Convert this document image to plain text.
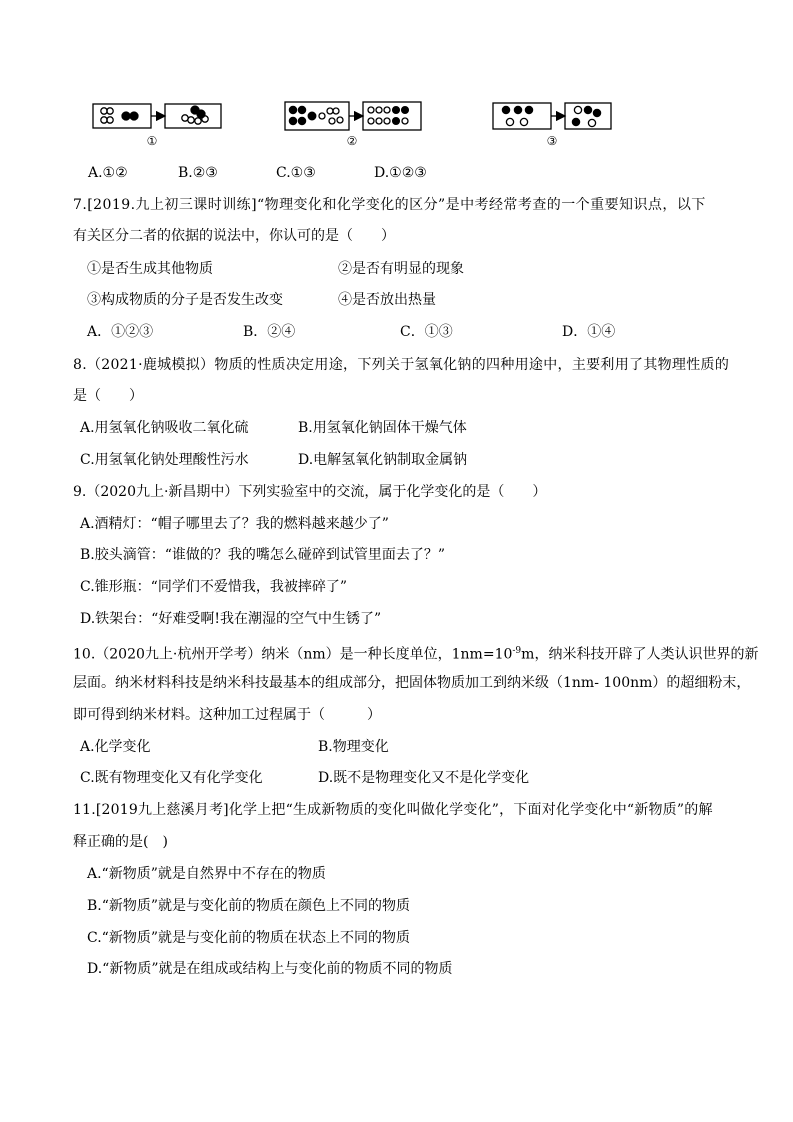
①	②	③
A.①②	B.②③	C.①③	D.①②③
7.[2019.九上初三课时训练]“物理变化和化学变化的区分”是中考经常考查的一个重要知识点，以下
有关区分二者的依据的说法中，你认可的是（　　）
①是否生成其他物质	②是否有明显的现象
③构成物质的分子是否发生改变	④是否放出热量
A．①②③	B．②④	C．①③	D．①④
8.（2021·鹿城模拟）物质的性质决定用途，下列关于氢氧化钠的四种用途中，主要利用了其物理性质的
是（　　）
A.用氢氧化钠吸收二氧化硫	B.用氢氧化钠固体干燥气体
C.用氢氧化钠处理酸性污水	D.电解氢氧化钠制取金属钠
9.（2020九上·新昌期中）下列实验室中的交流，属于化学变化的是（　　）
A.酒精灯：“帽子哪里去了？我的燃料越来越少了”
B.胶头滴管：“谁做的？我的嘴怎么碰碎到试管里面去了？”
C.锥形瓶：“同学们不爱惜我，我被摔碎了”
D.铁架台：“好难受啊!我在潮湿的空气中生锈了”
10.（2020九上·杭州开学考）纳米（nm）是一种长度单位，$1nm=10^{-9}m$，纳米科技开辟了人类认识世界的新
层面。纳米材料科技是纳米科技最基本的组成部分，把固体物质加工到纳米级（1nm- 100nm）的超细粉末，
即可得到纳米材料。这种加工过程属于（　　　）
A.化学变化	B.物理变化
C.既有物理变化又有化学变化	D.既不是物理变化又不是化学变化
11.[2019九上慈溪月考]化学上把“生成新物质的变化叫做化学变化”，下面对化学变化中“新物质”的解
释正确的是(　)
A.“新物质”就是自然界中不存在的物质
B.“新物质”就是与变化前的物质在颜色上不同的物质
C.“新物质”就是与变化前的物质在状态上不同的物质
D.“新物质”就是在组成或结构上与变化前的物质不同的物质
